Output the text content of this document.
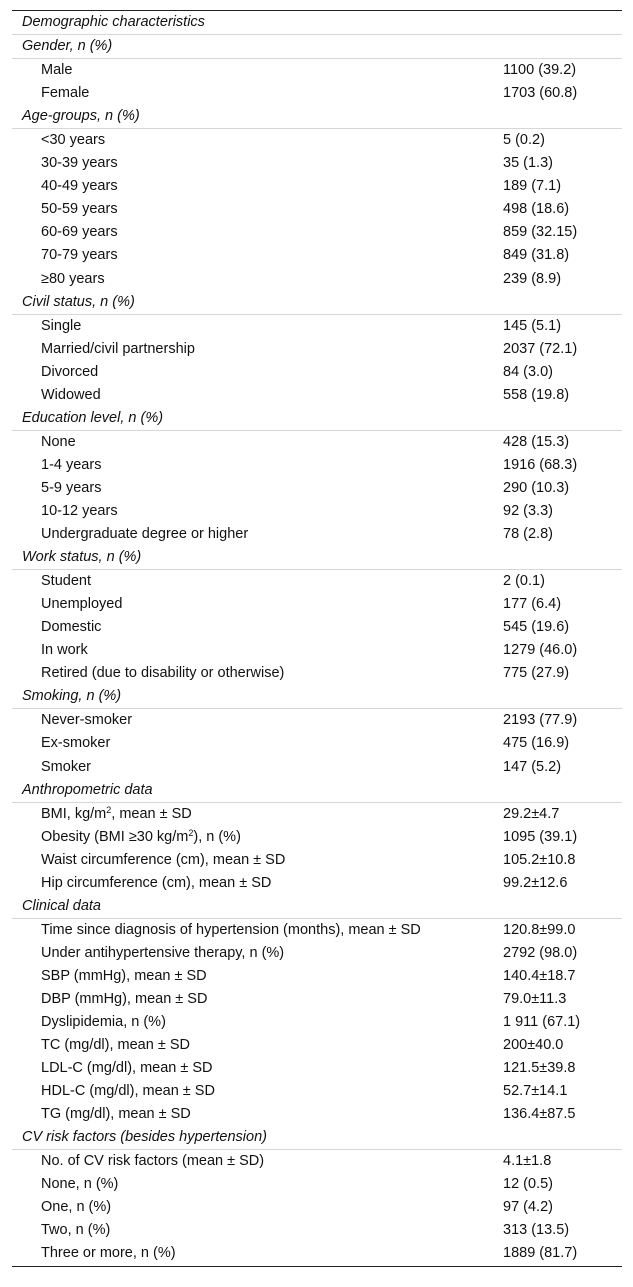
Demographic characteristics
Gender, n (%)
Male	1100 (39.2)
Female	1703 (60.8)
Age-groups, n (%)
<30 years	5 (0.2)
30-39 years	35 (1.3)
40-49 years	189 (7.1)
50-59 years	498 (18.6)
60-69 years	859 (32.15)
70-79 years	849 (31.8)
≥80 years	239 (8.9)
Civil status, n (%)
Single	145 (5.1)
Married/civil partnership	2037 (72.1)
Divorced	84 (3.0)
Widowed	558 (19.8)
Education level, n (%)
None	428 (15.3)
1-4 years	1916 (68.3)
5-9 years	290 (10.3)
10-12 years	92 (3.3)
Undergraduate degree or higher	78 (2.8)
Work status, n (%)
Student	2 (0.1)
Unemployed	177 (6.4)
Domestic	545 (19.6)
In work	1279 (46.0)
Retired (due to disability or otherwise)	775 (27.9)
Smoking, n (%)
Never-smoker	2193 (77.9)
Ex-smoker	475 (16.9)
Smoker	147 (5.2)
Anthropometric data
BMI, $kg/m^2$, mean ± SD	29.2±4.7
Obesity (BMI ≥30 $kg/m^2$), n (%)	1095 (39.1)
Waist circumference (cm), mean ± SD	105.2±10.8
Hip circumference (cm), mean ± SD	99.2±12.6
Clinical data
Time since diagnosis of hypertension (months), mean ± SD	120.8±99.0
Under antihypertensive therapy, n (%)	2792 (98.0)
SBP (mmHg), mean ± SD	140.4±18.7
DBP (mmHg), mean ± SD	79.0±11.3
Dyslipidemia, n (%)	1 911 (67.1)
TC (mg/dl), mean ± SD	200±40.0
LDL-C (mg/dl), mean ± SD	121.5±39.8
HDL-C (mg/dl), mean ± SD	52.7±14.1
TG (mg/dl), mean ± SD	136.4±87.5
CV risk factors (besides hypertension)
No. of CV risk factors (mean ± SD)	4.1±1.8
None, n (%)	12 (0.5)
One, n (%)	97 (4.2)
Two, n (%)	313 (13.5)
Three or more, n (%)	1889 (81.7)
